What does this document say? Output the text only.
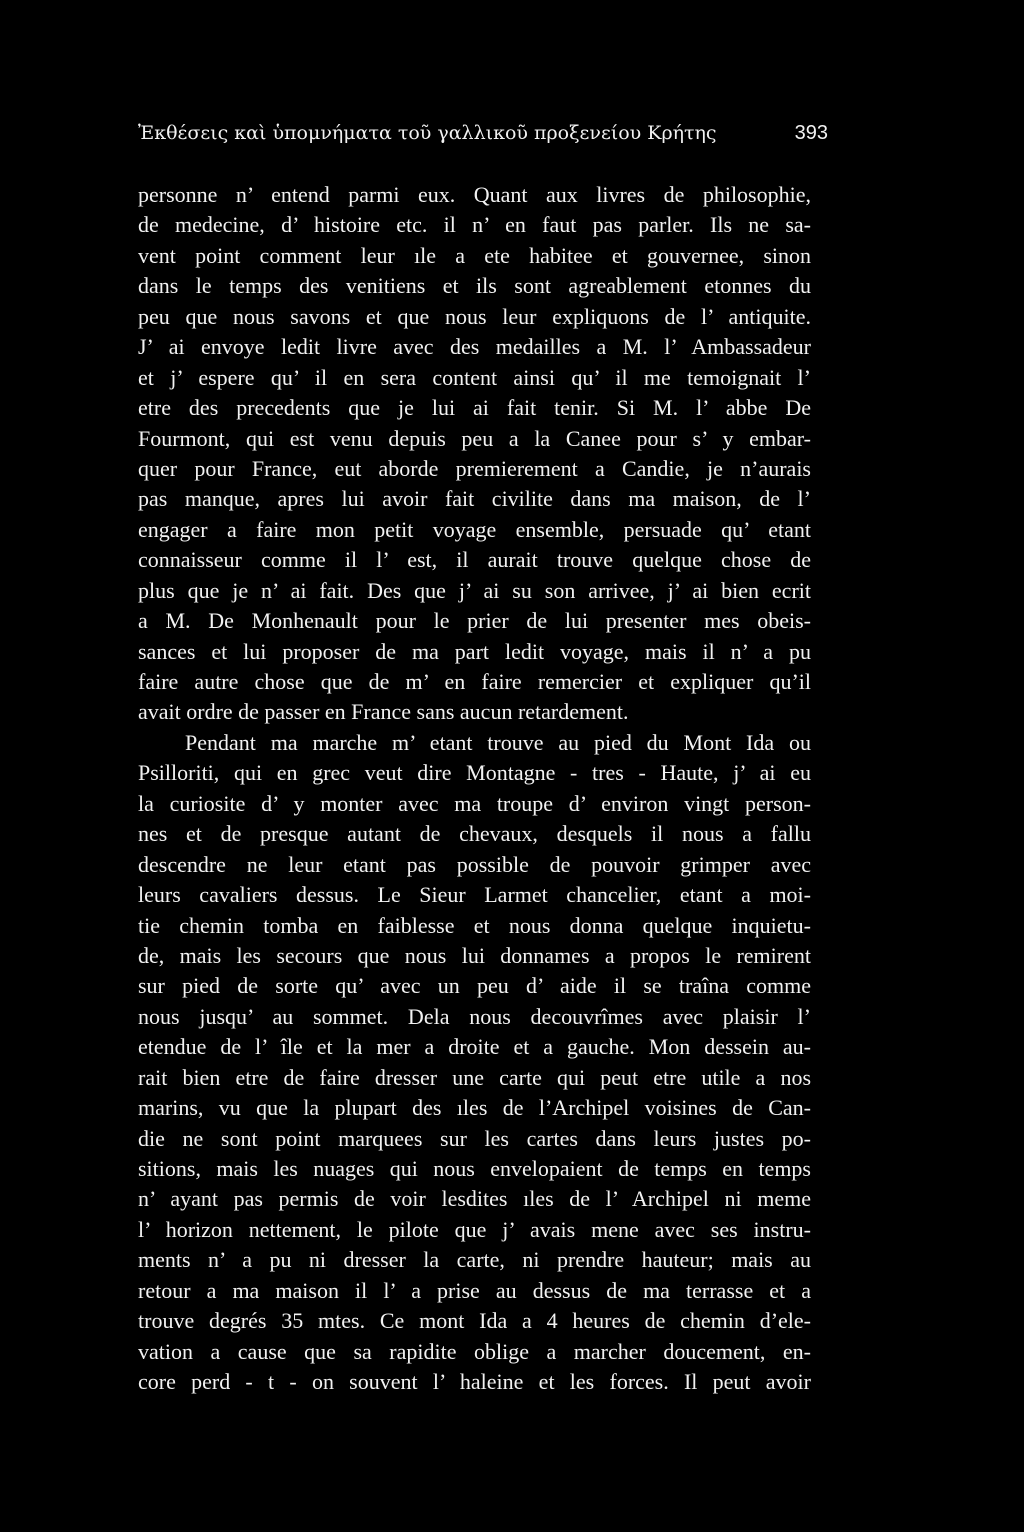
Ἐκθέσεις καὶ ὑπομνήματα τοῦ γαλλικοῦ προξενείου Κρήτης	393
personne n’ entend parmi eux. Quant aux livres de philosophie,
de medecine, d’ histoire etc. il n’ en faut pas parler. Ils ne sa-
vent point comment leur ıle a ete habitee et gouvernee, sinon
dans le temps des venitiens et ils sont agreablement etonnes du
peu que nous savons et que nous leur expliquons de l’ antiquite.
J’ ai envoye ledit livre avec des medailles a M. l’ Ambassadeur
et j’ espere qu’ il en sera content ainsi qu’ il me temoignait l’
etre des precedents que je lui ai fait tenir. Si M. l’ abbe De
Fourmont, qui est venu depuis peu a la Canee pour s’ y embar-
quer pour France, eut aborde premierement a Candie, je n’aurais
pas manque, apres lui avoir fait civilite dans ma maison, de l’
engager a faire mon petit voyage ensemble, persuade qu’ etant
connaisseur comme il l’ est, il aurait trouve quelque chose de
plus que je n’ ai fait. Des que j’ ai su son arrivee, j’ ai bien ecrit
a M. De Monhenault pour le prier de lui presenter mes obeis-
sances et lui proposer de ma part ledit voyage, mais il n’ a pu
faire autre chose que de m’ en faire remercier et expliquer qu’il
avait ordre de passer en France sans aucun retardement.
Pendant ma marche m’ etant trouve au pied du Mont Ida ou
Psilloriti, qui en grec veut dire Montagne - tres - Haute, j’ ai eu
la curiosite d’ y monter avec ma troupe d’ environ vingt person-
nes et de presque autant de chevaux, desquels il nous a fallu
descendre ne leur etant pas possible de pouvoir grimper avec
leurs cavaliers dessus. Le Sieur Larmet chancelier, etant a moi-
tie chemin tomba en faiblesse et nous donna quelque inquietu-
de, mais les secours que nous lui donnames a propos le remirent
sur pied de sorte qu’ avec un peu d’ aide il se traîna comme
nous jusqu’ au sommet. Dela nous decouvrîmes avec plaisir l’
etendue de l’ île et la mer a droite et a gauche. Mon dessein au-
rait bien etre de faire dresser une carte qui peut etre utile a nos
marins, vu que la plupart des ıles de l’Archipel voisines de Can-
die ne sont point marquees sur les cartes dans leurs justes po-
sitions, mais les nuages qui nous envelopaient de temps en temps
n’ ayant pas permis de voir lesdites ıles de l’ Archipel ni meme
l’ horizon nettement, le pilote que j’ avais mene avec ses instru-
ments n’ a pu ni dresser la carte, ni prendre hauteur; mais au
retour a ma maison il l’ a prise au dessus de ma terrasse et a
trouve degrés 35 mtes. Ce mont Ida a 4 heures de chemin d’ele-
vation a cause que sa rapidite oblige a marcher doucement, en-
core perd - t - on souvent l’ haleine et les forces. Il peut avoir
